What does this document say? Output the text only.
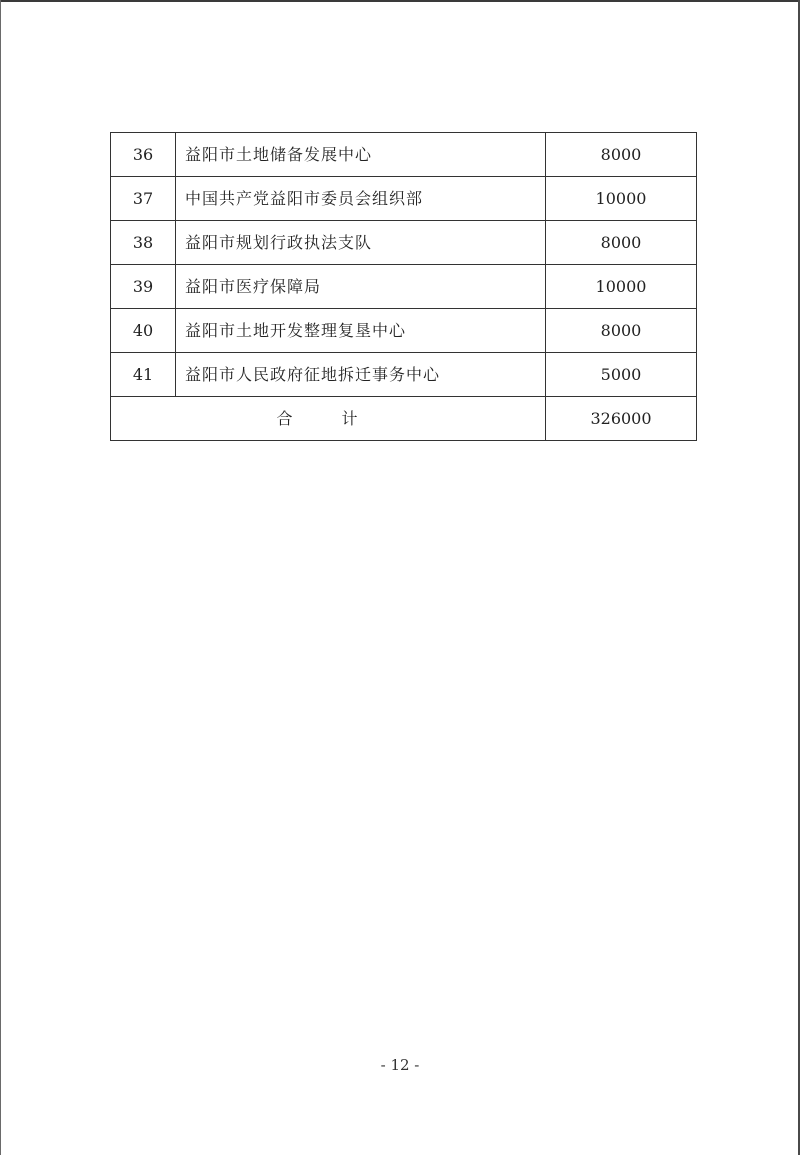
36	益阳市土地储备发展中心	8000
37	中国共产党益阳市委员会组织部	10000
38	益阳市规划行政执法支队	8000
39	益阳市医疗保障局	10000
40	益阳市土地开发整理复垦中心	8000
41	益阳市人民政府征地拆迁事务中心	5000
合 计		326000
- 12 -
